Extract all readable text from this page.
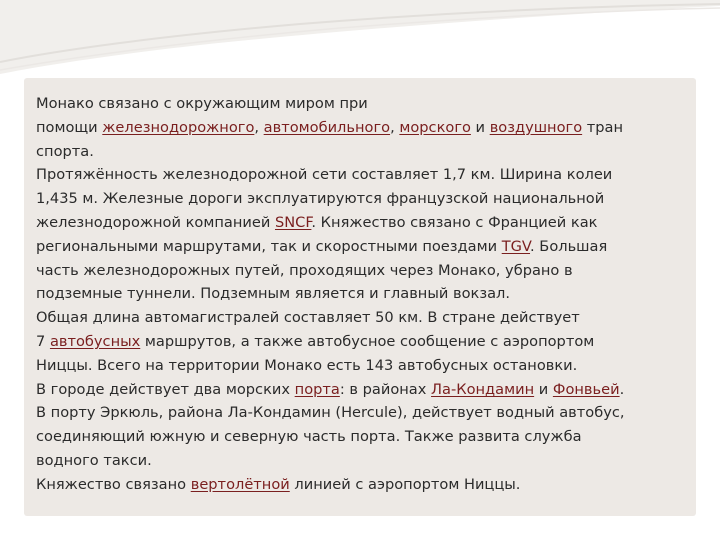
Монако связано с окружающим миром при
помощи железнодорожного, автомобильного, морского и воздушного тран
спорта.
Протяжённость железнодорожной сети составляет 1,7 км. Ширина колеи
1,435 м. Железные дороги эксплуатируются французской национальной
железнодорожной компанией SNCF. Княжество связано с Францией как
региональными маршрутами, так и скоростными поездами TGV. Большая
часть железнодорожных путей, проходящих через Монако, убрано в
подземные туннели. Подземным является и главный вокзал.
Общая длина автомагистралей составляет 50 км. В стране действует
7 автобусных маршрутов, а также автобусное сообщение с аэропортом
Ниццы. Всего на территории Монако есть 143 автобусных остановки.
В городе действует два морских порта: в районах Ла-Кондамин и Фонвьей.
В порту Эркюль, района Ла-Кондамин (Hercule), действует водный автобус,
соединяющий южную и северную часть порта. Также развита служба
водного такси.
Княжество связано вертолётной линией с аэропортом Ниццы.
